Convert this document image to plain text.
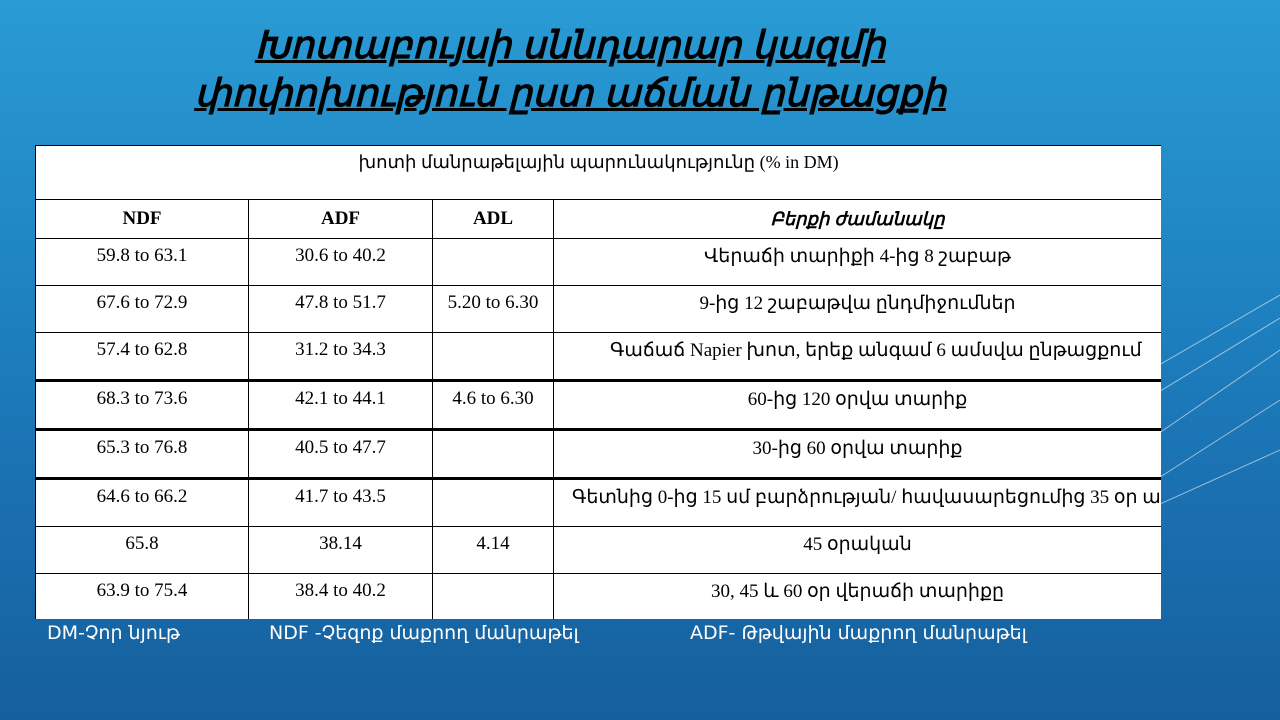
Խոտաբույսի սննդարար կազմի
փոփոխություն ըստ աճման ընթացքի
խոտի մանրաթելային պարունակությունը (% in DM)			
NDF	ADF	ADL	Բերքի ժամանակը
59.8 to 63.1	30.6 to 40.2		Վերաճի տարիքի 4-ից 8 շաբաթ
67.6 to 72.9	47.8 to 51.7	5.20 to 6.30	9-ից 12 շաբաթվա ընդմիջումներ
57.4 to 62.8	31.2 to 34.3		Գաճաճ Napier խոտ, երեք անգամ 6 ամսվա ընթացքում
68.3 to 73.6	42.1 to 44.1	4.6 to 6.30	60-ից 120 օրվա տարիք
65.3 to 76.8	40.5 to 47.7		30-ից 60 օրվա տարիք
64.6 to 66.2	41.7 to 43.5		Գետնից 0-ից 15 սմ բարձրության/ հավասարեցումից 35 օր ա
65.8	38.14	4.14	45 օրական
63.9 to 75.4	38.4 to 40.2		30, 45 և 60 օր վերաճի տարիքը
DM-Չոր նյութ	NDF -Չեզոք մաքրող մանրաթել	ADF- Թթվային մաքրող մանրաթել
